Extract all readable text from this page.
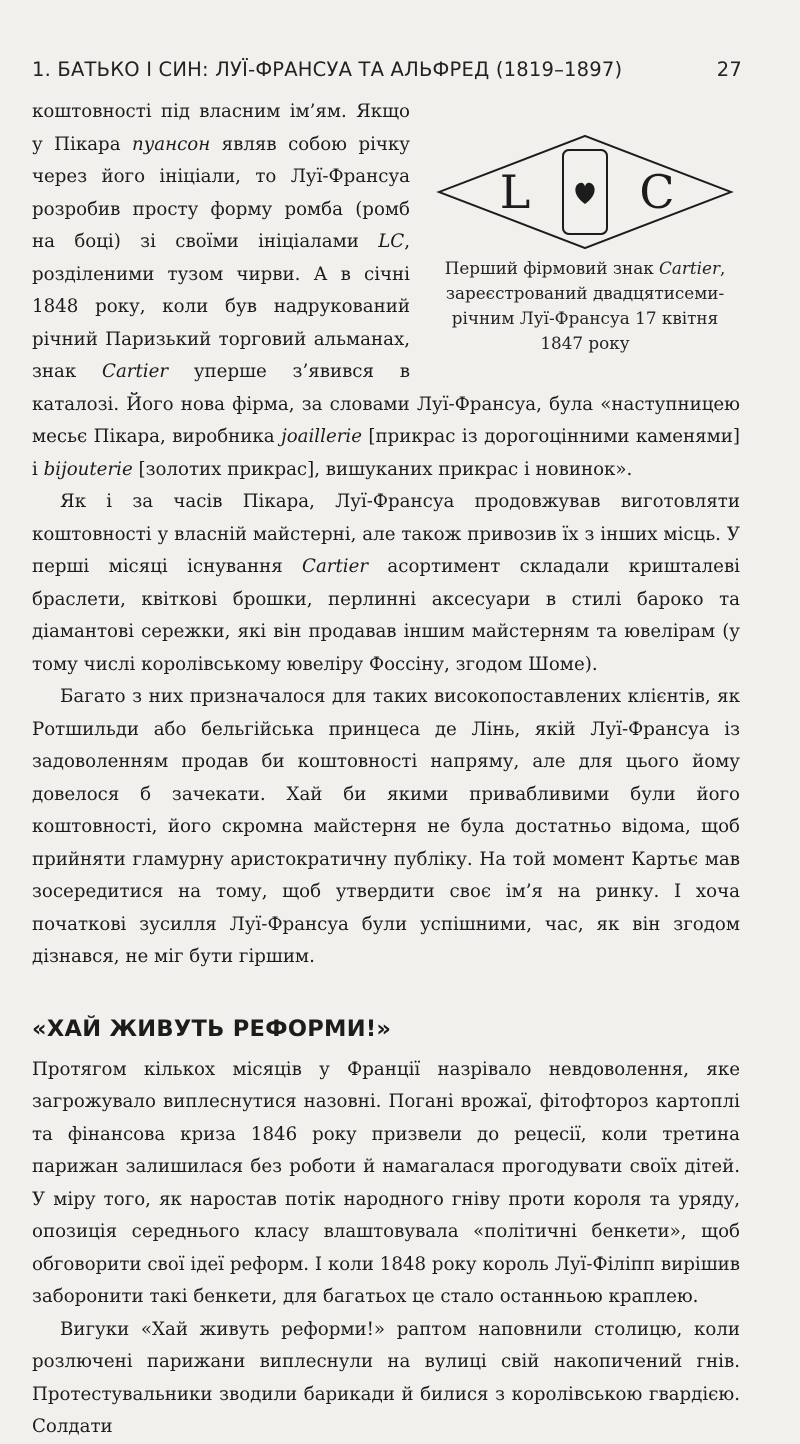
1. БАТЬКО І СИН: ЛУЇ-ФРАНСУА ТА АЛЬФРЕД (1819–1897)	27
L C
Перший фірмовий знак Cartier, зареєстрований двадцятисемирічним Луї-Франсуа 17 квітня 1847 року

коштовності під власним ім’ям. Якщо у Пікара пуансон являв собою річку через його ініціали, то Луї-Франсуа розробив просту форму ромба (ромб на боці) зі своїми ініціалами LC, розділеними тузом чирви. А в січні 1848 року, коли був надрукований річний Паризький торговий альманах, знак Cartier уперше з’явився в каталозі. Його нова фірма, за словами Луї-Франсуа, була «наступницею месьє Пікара, виробника joaillerie [прикрас із дорогоцінними каменями] і bijouterie [золотих прикрас], вишуканих прикрас і новинок».

Як і за часів Пікара, Луї-Франсуа продовжував виготовляти коштовності у власній майстерні, але також привозив їх з інших місць. У перші місяці існування Cartier асортимент складали кришталеві браслети, квіткові брошки, перлинні аксесуари в стилі бароко та діамантові сережки, які він продавав іншим майстерням та ювелірам (у тому числі королівському ювеліру Фоссіну, згодом Шоме).

Багато з них призначалося для таких високопоставлених клієнтів, як Ротшильди або бельгійська принцеса де Лінь, якій Луї-Франсуа із задоволенням продав би коштовності напряму, але для цього йому довелося б зачекати. Хай би якими привабливими були його коштовності, його скромна майстерня не була достатньо відома, щоб прийняти гламурну аристократичну публіку. На той момент Картьє мав зосередитися на тому, щоб утвердити своє ім’я на ринку. І хоча початкові зусилля Луї-Франсуа були успішними, час, як він згодом дізнався, не міг бути гіршим.

«ХАЙ ЖИВУТЬ РЕФОРМИ!»

Протягом кількох місяців у Франції назрівало невдоволення, яке загрожувало виплеснутися назовні. Погані врожаї, фітофтороз картоплі та фінансова криза 1846 року призвели до рецесії, коли третина парижан залишилася без роботи й намагалася прогодувати своїх дітей. У міру того, як наростав потік народного гніву проти короля та уряду, опозиція середнього класу влаштовувала «політичні бенкети», щоб обговорити свої ідеї реформ. І коли 1848 року король Луї-Філіпп вирішив заборонити такі бенкети, для багатьох це стало останньою краплею.

Вигуки «Хай живуть реформи!» раптом наповнили столицю, коли розлючені парижани виплеснули на вулиці свій накопичений гнів. Протестувальники зводили барикади й билися з королівською гвардією. Солдати
